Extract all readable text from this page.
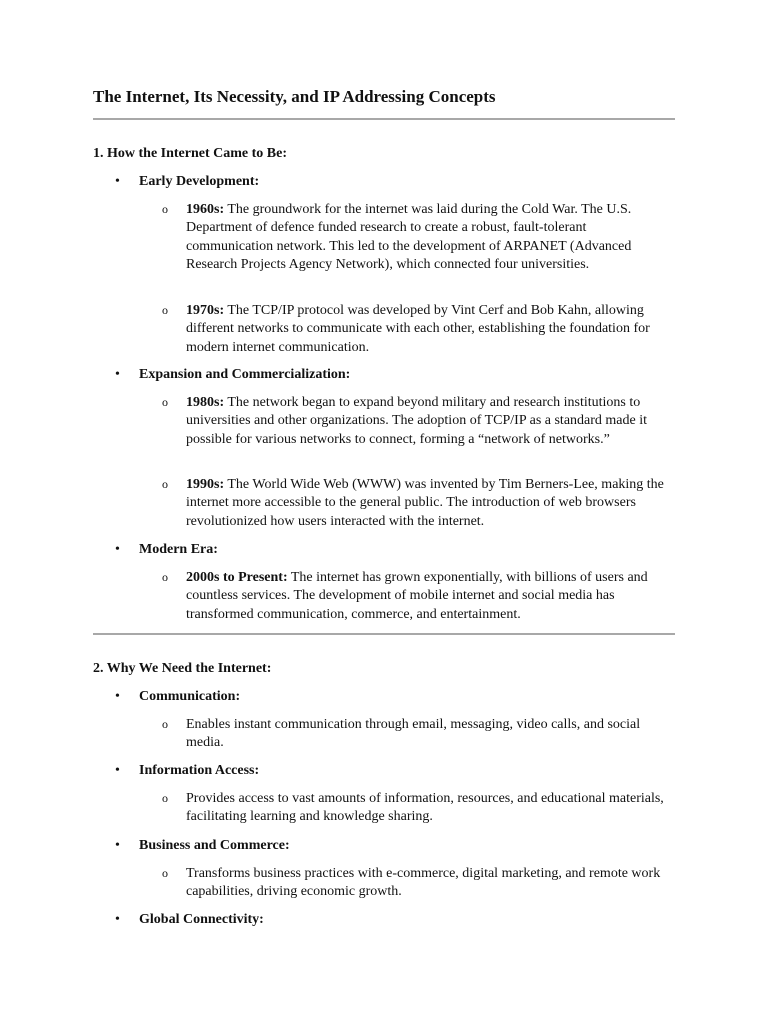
The Internet, Its Necessity, and IP Addressing Concepts
1. How the Internet Came to Be:
• Early Development:
o 1960s: The groundwork for the internet was laid during the Cold War. The U.S. Department of defence funded research to create a robust, fault-tolerant communication network. This led to the development of ARPANET (Advanced Research Projects Agency Network), which connected four universities.
o 1970s: The TCP/IP protocol was developed by Vint Cerf and Bob Kahn, allowing different networks to communicate with each other, establishing the foundation for modern internet communication.
• Expansion and Commercialization:
o 1980s: The network began to expand beyond military and research institutions to universities and other organizations. The adoption of TCP/IP as a standard made it possible for various networks to connect, forming a “network of networks.”
o 1990s: The World Wide Web (WWW) was invented by Tim Berners-Lee, making the internet more accessible to the general public. The introduction of web browsers revolutionized how users interacted with the internet.
• Modern Era:
o 2000s to Present: The internet has grown exponentially, with billions of users and countless services. The development of mobile internet and social media has transformed communication, commerce, and entertainment.
2. Why We Need the Internet:
• Communication:
o Enables instant communication through email, messaging, video calls, and social media.
• Information Access:
o Provides access to vast amounts of information, resources, and educational materials, facilitating learning and knowledge sharing.
• Business and Commerce:
o Transforms business practices with e-commerce, digital marketing, and remote work capabilities, driving economic growth.
• Global Connectivity:
